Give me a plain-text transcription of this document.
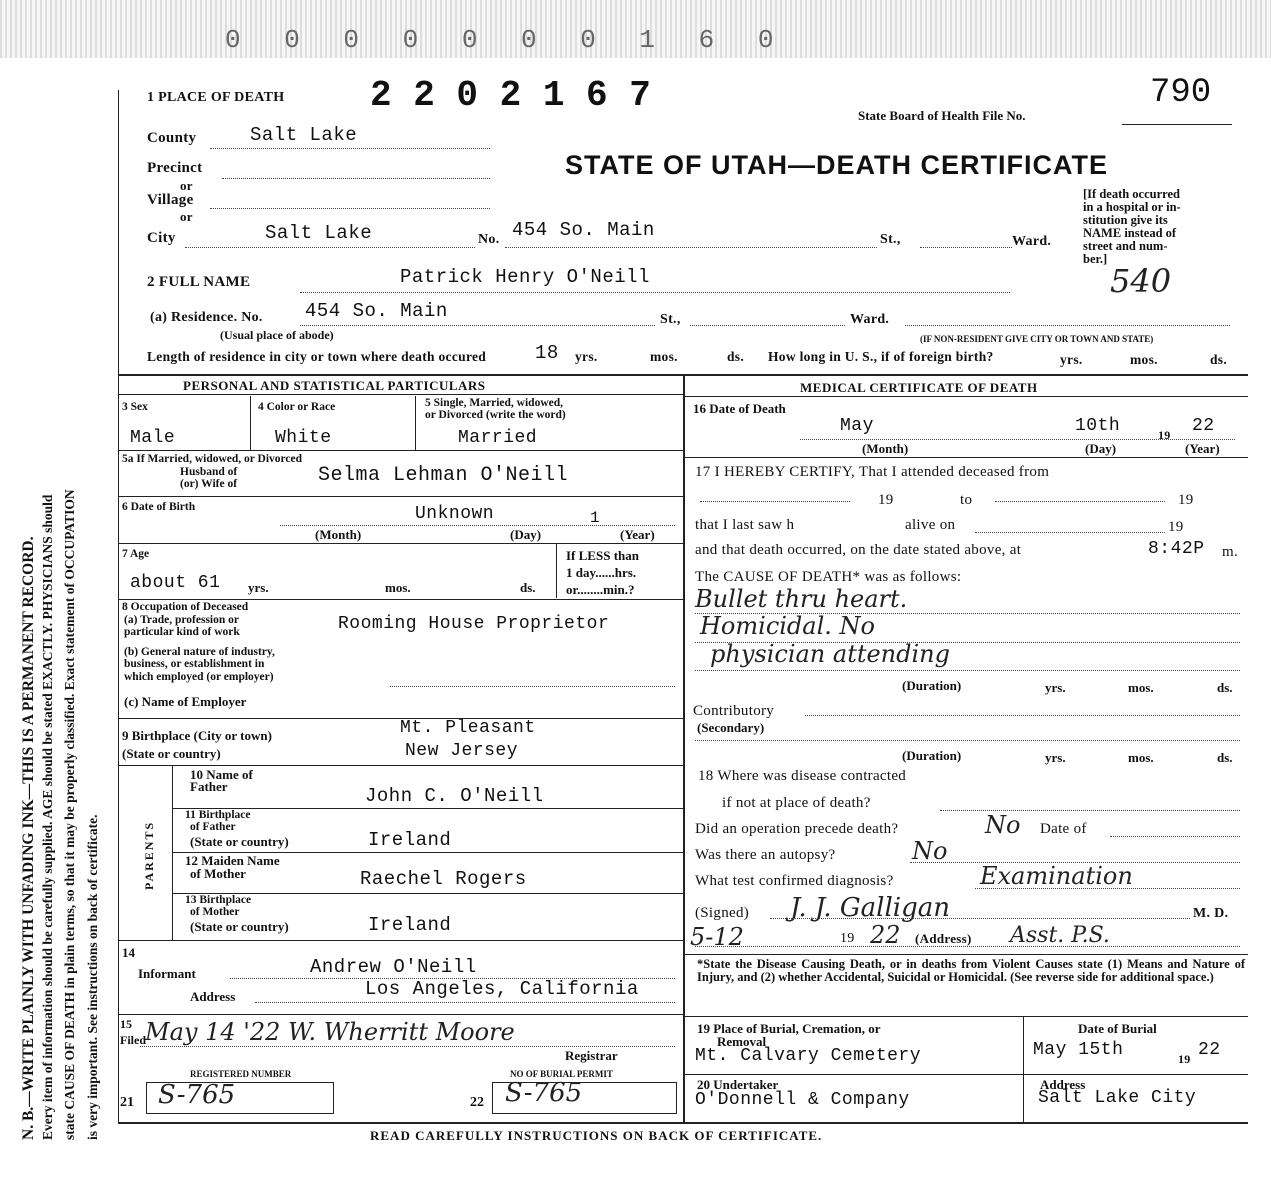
0 0 0 0 0 0 0 1 6 0
N. B.—WRITE PLAINLY WITH UNFADING INK—THIS IS A PERMANENT RECORD. Every item of information should be carefully supplied. AGE should be stated EXACTLY. PHYSICIANS should state CAUSE OF DEATH in plain terms, so that it may be properly classified. Exact statement of OCCUPATION is very important. See instructions on back of certificate.
1 PLACE OF DEATH 2 2 0 2 1 6 7	State Board of Health File No.
790
County	Salt Lake
STATE OF UTAH—DEATH CERTIFICATE
Precinct
or
Village
or
City	Salt Lake	No. 454 So. Main	St.,	Ward.
[If death occurred
in a hospital or in-
stitution give its
NAME instead of
street and num-
ber.]
540
2 FULL NAME	Patrick Henry O'Neill
(a) Residence. No. 454 So. Main	St.,	Ward.
(Usual place of abode)	(IF NON-RESIDENT GIVE CITY OR TOWN AND STATE)
Length of residence in city or town where death occured	18 yrs.	mos.	ds. How long in U. S., if of foreign birth?	yrs.	mos.	ds.
PERSONAL AND STATISTICAL PARTICULARS	MEDICAL CERTIFICATE OF DEATH
3 Sex
Male
4 Color or Race
White
5 Single, Married, widowed,
or Divorced (write the word)
Married
5a If Married, widowed, or Divorced
Husband of
(or) Wife of	Selma Lehman O'Neill
6 Date of Birth	Unknown	1
(Month)	(Day)	(Year)
7 Age
about 61 yrs.	mos.	ds.
If LESS than
1 day......hrs.
or........min.?
8 Occupation of Deceased
(a) Trade, profession or
particular kind of work	Rooming House Proprietor
(b) General nature of industry,
business, or establishment in
which employed (or employer)
(c) Name of Employer
9 Birthplace (City or town)
(State or country)
Mt. Pleasant
New Jersey
PARENTS
10 Name of
Father	John C. O'Neill
11 Birthplace
of Father
(State or country)	Ireland
12 Maiden Name
of Mother	Raechel Rogers
13 Birthplace
of Mother
(State or country)	Ireland
14
Informant	Andrew O'Neill
Address	Los Angeles, California
15
Filed May 14 '22 W. Wherritt Moore
Registrar
REGISTERED NUMBER	NO OF BURIAL PERMIT
21 S-765	22 S-765
16 Date of Death
May	10th	19 22
(Month)	(Day)	(Year)
17 I HEREBY CERTIFY, That I attended deceased from
19	to	19
that I last saw h	alive on	19
and that death occurred, on the date stated above, at	8:42P m.
The CAUSE OF DEATH* was as follows:
Bullet thru heart.
Homicidal. No
physician attending
(Duration)	yrs.	mos.	ds.
Contributory
(Secondary)
(Duration)	yrs.	mos.	ds.
18 Where was disease contracted
if not at place of death?
Did an operation precede death?	No Date of
Was there an autopsy?	No
What test confirmed diagnosis?	Examination
(Signed) J. J. Galligan	M. D.
5-12	19 22 (Address) Asst. P.S.
*State the Disease Causing Death, or in deaths from Violent Causes state (1) Means and Nature of Injury, and (2) whether Accidental, Suicidal or Homicidal. (See reverse side for additional space.)
19 Place of Burial, Cremation, or
Removal
Mt. Calvary Cemetery
Date of Burial
May 15th	19 22
20 Undertaker
O'Donnell & Company
Address
Salt Lake City
READ CAREFULLY INSTRUCTIONS ON BACK OF CERTIFICATE.
